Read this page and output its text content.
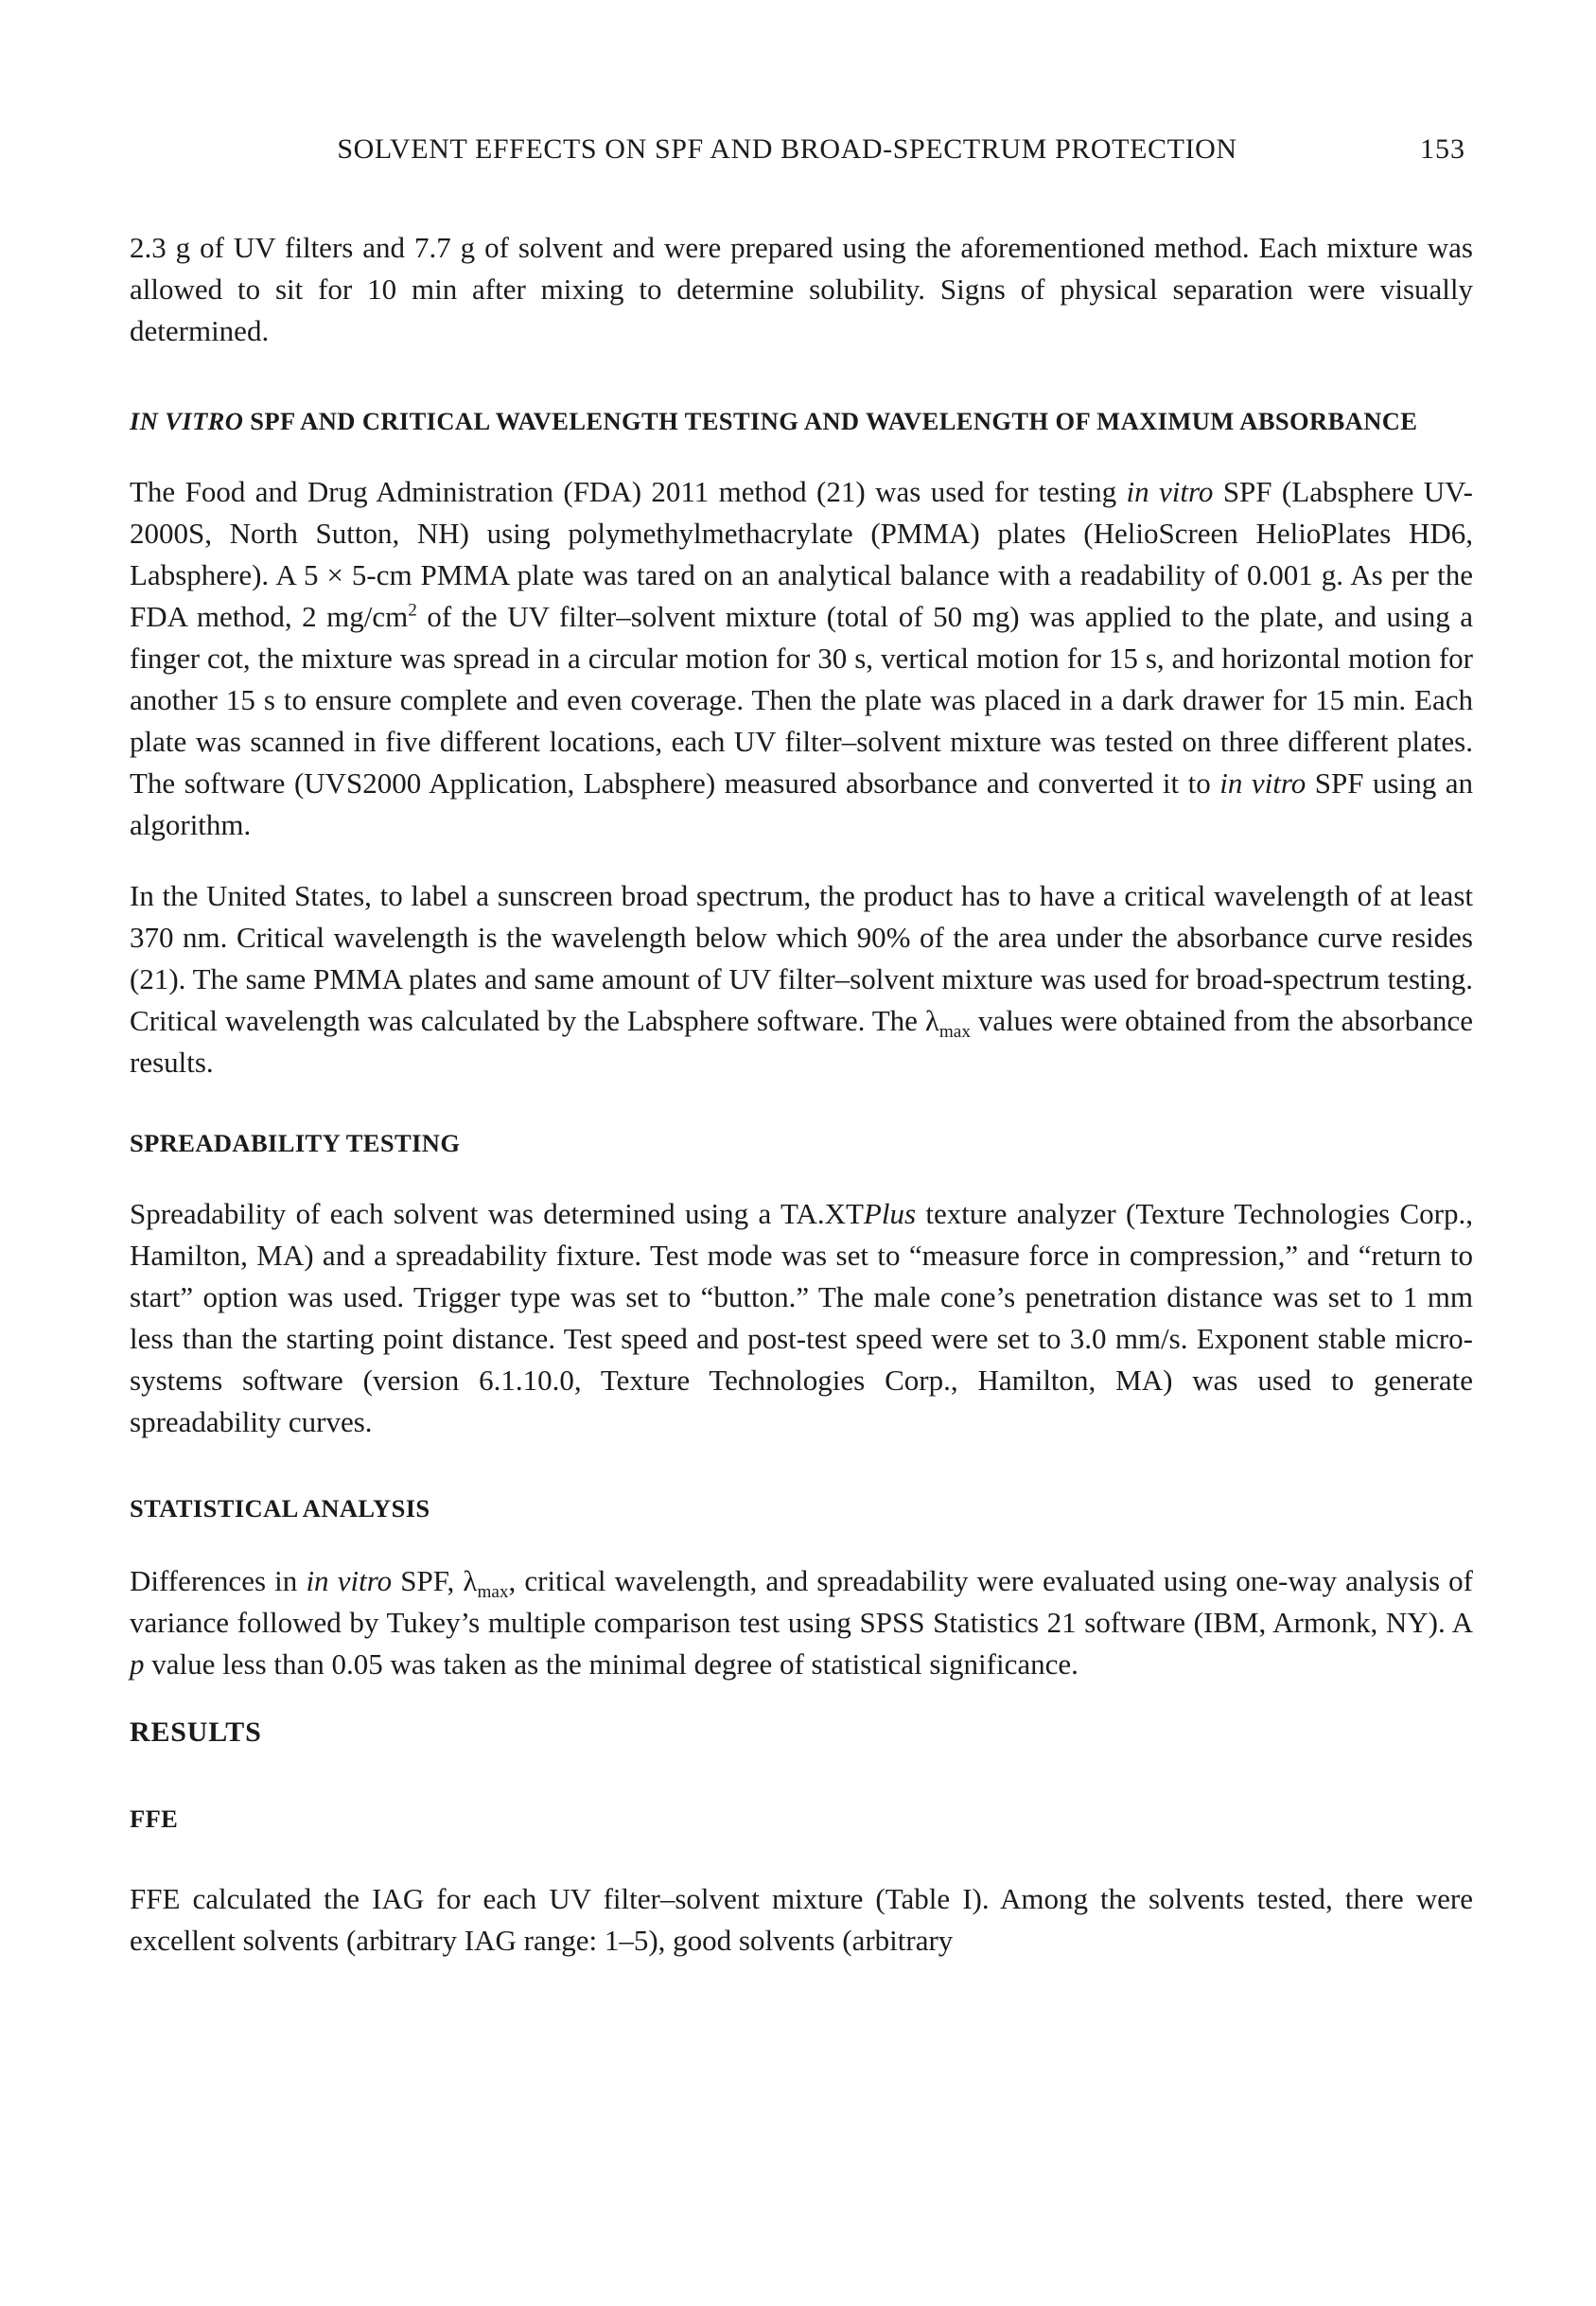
SOLVENT EFFECTS ON SPF AND BROAD-SPECTRUM PROTECTION	153

2.3 g of UV filters and 7.7 g of solvent and were prepared using the aforementioned method. Each mixture was allowed to sit for 10 min after mixing to determine solubility. Signs of physical separation were visually determined.

IN VITRO SPF AND CRITICAL WAVELENGTH TESTING AND WAVELENGTH OF MAXIMUM ABSORBANCE

The Food and Drug Administration (FDA) 2011 method (21) was used for testing in vitro SPF (Labsphere UV-2000S, North Sutton, NH) using polymethylmethacrylate (PMMA) plates (HelioScreen HelioPlates HD6, Labsphere). A 5 × 5-cm PMMA plate was tared on an analytical balance with a readability of 0.001 g. As per the FDA method, 2 $mg/cm^2$ of the UV filter–solvent mixture (total of 50 mg) was applied to the plate, and using a finger cot, the mixture was spread in a circular motion for 30 s, vertical motion for 15 s, and horizontal motion for another 15 s to ensure complete and even coverage. Then the plate was placed in a dark drawer for 15 min. Each plate was scanned in five different locations, each UV filter–solvent mixture was tested on three different plates. The software (UVS2000 Application, Labsphere) measured absorbance and converted it to in vitro SPF using an algorithm.

In the United States, to label a sunscreen broad spectrum, the product has to have a critical wavelength of at least 370 nm. Critical wavelength is the wavelength below which 90% of the area under the absorbance curve resides (21). The same PMMA plates and same amount of UV filter–solvent mixture was used for broad-spectrum testing. Critical wavelength was calculated by the Labsphere software. The $\lambda_{max}$ values were obtained from the absorbance results.

SPREADABILITY TESTING

Spreadability of each solvent was determined using a TA.XTPlus texture analyzer (Texture Technologies Corp., Hamilton, MA) and a spreadability fixture. Test mode was set to “measure force in compression,” and “return to start” option was used. Trigger type was set to “button.” The male cone’s penetration distance was set to 1 mm less than the starting point distance. Test speed and post-test speed were set to 3.0 mm/s. Exponent stable micro-systems software (version 6.1.10.0, Texture Technologies Corp., Hamilton, MA) was used to generate spreadability curves.

STATISTICAL ANALYSIS

Differences in in vitro SPF, $\lambda_{max}$, critical wavelength, and spreadability were evaluated using one-way analysis of variance followed by Tukey’s multiple comparison test using SPSS Statistics 21 software (IBM, Armonk, NY). A p value less than 0.05 was taken as the minimal degree of statistical significance.

RESULTS
FFE

FFE calculated the IAG for each UV filter–solvent mixture (Table I). Among the solvents tested, there were excellent solvents (arbitrary IAG range: 1–5), good solvents (arbitrary
